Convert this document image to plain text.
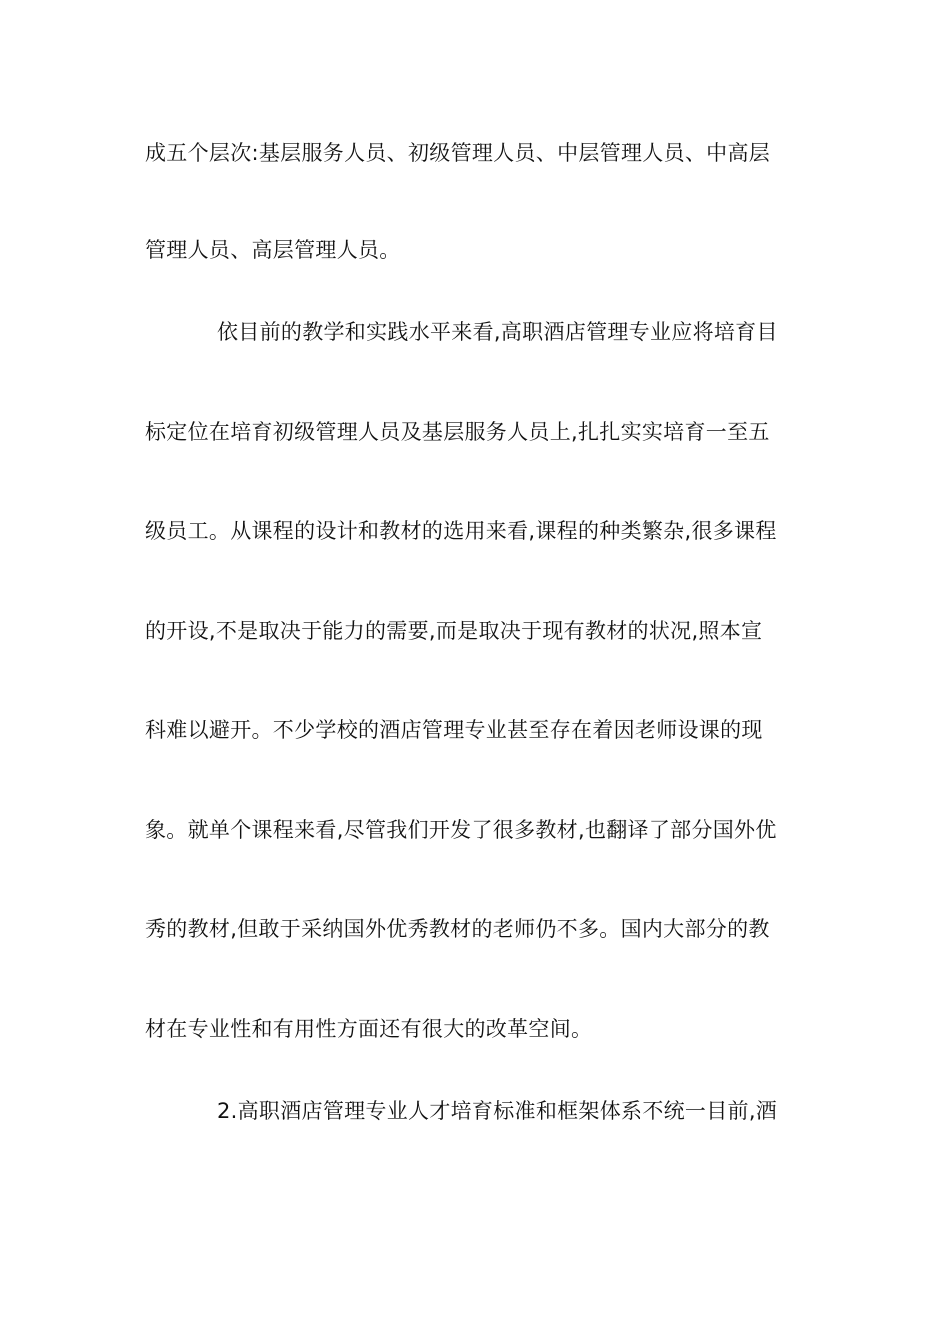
成五个层次:基层服务人员、初级管理人员、中层管理人员、中高层
管理人员、高层管理人员。
依目前的教学和实践水平来看,高职酒店管理专业应将培育目
标定位在培育初级管理人员及基层服务人员上,扎扎实实培育一至五
级员工。从课程的设计和教材的选用来看,课程的种类繁杂,很多课程
的开设,不是取决于能力的需要,而是取决于现有教材的状况,照本宣
科难以避开。不少学校的酒店管理专业甚至存在着因老师设课的现
象。就单个课程来看,尽管我们开发了很多教材,也翻译了部分国外优
秀的教材,但敢于采纳国外优秀教材的老师仍不多。国内大部分的教
材在专业性和有用性方面还有很大的改革空间。
2.高职酒店管理专业人才培育标准和框架体系不统一目前,酒
